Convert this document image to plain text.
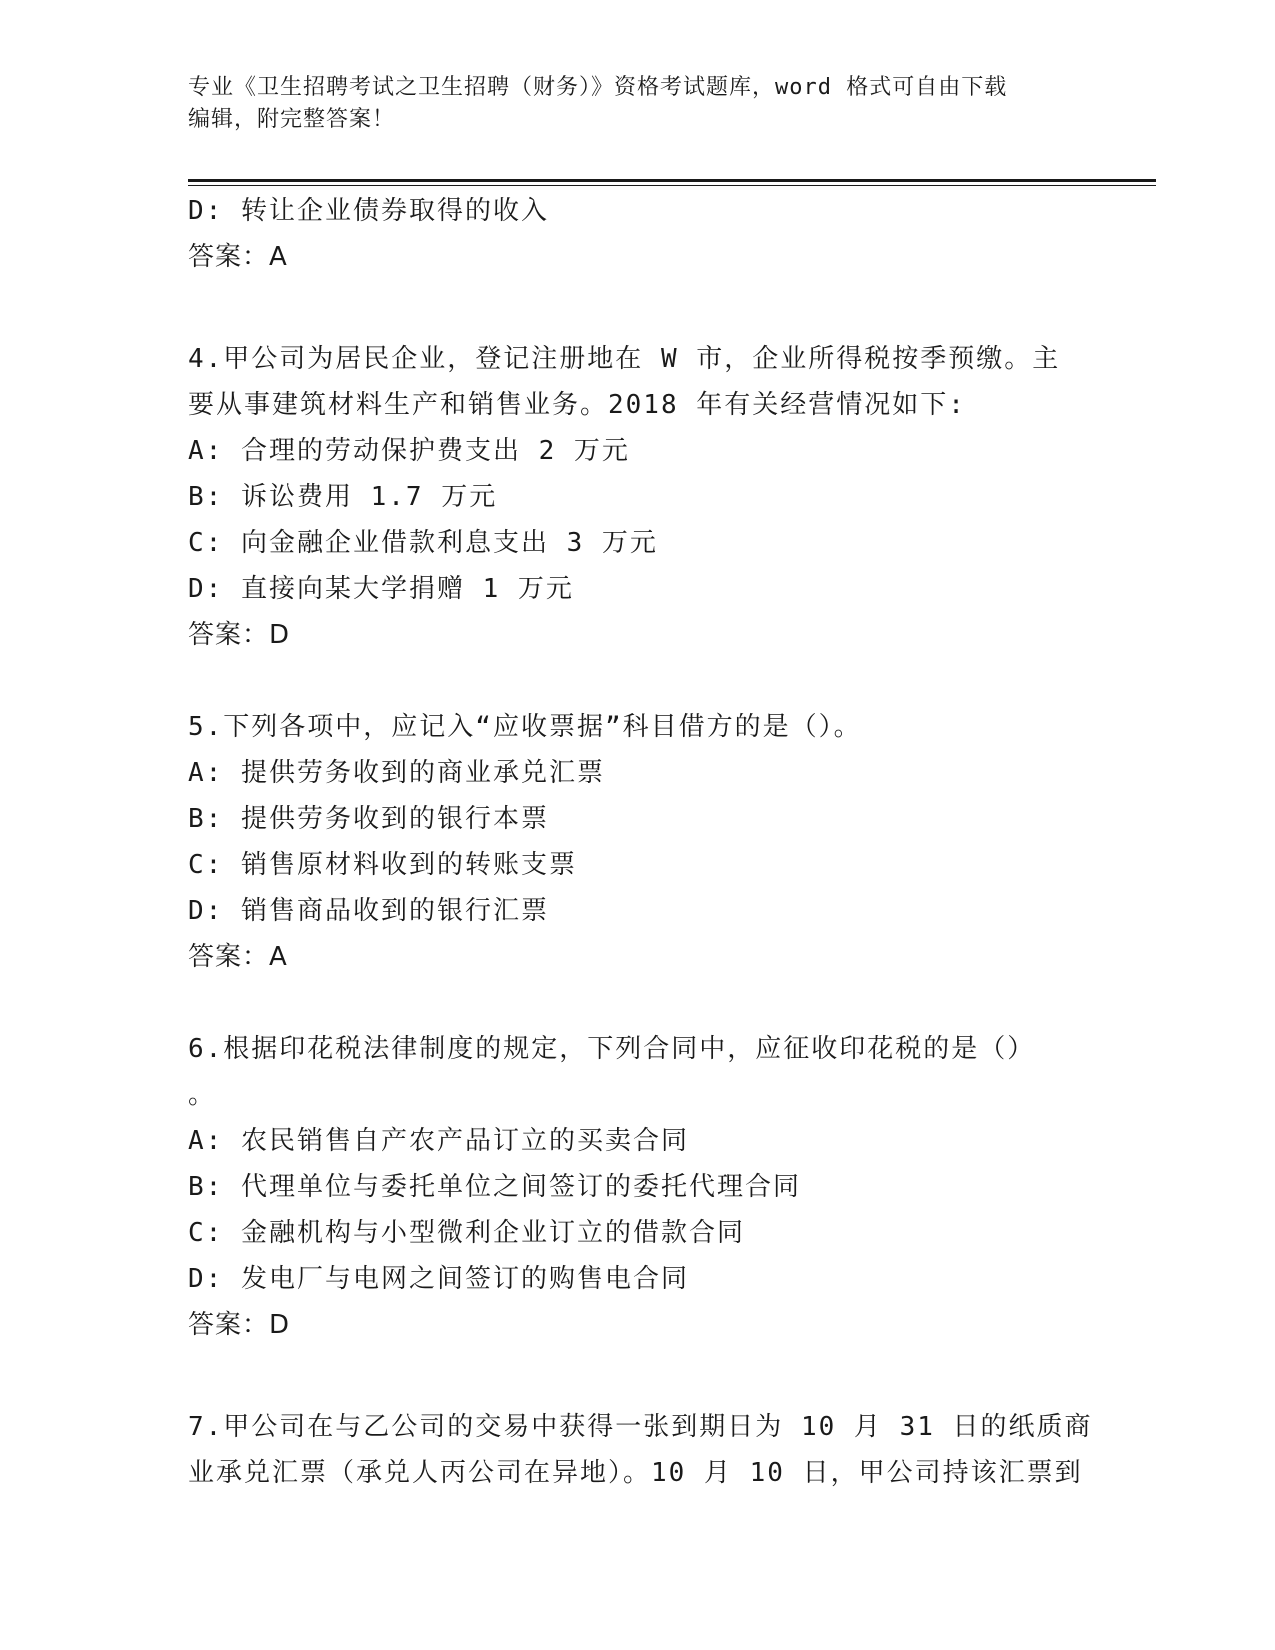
专业《卫生招聘考试之卫生招聘（财务）》资格考试题库，word 格式可自由下载
编辑，附完整答案！
D: 转让企业债券取得的收入
答案：A
4.甲公司为居民企业，登记注册地在 W 市，企业所得税按季预缴。主
要从事建筑材料生产和销售业务。2018 年有关经营情况如下:
A: 合理的劳动保护费支出 2 万元
B: 诉讼费用 1.7 万元
C: 向金融企业借款利息支出 3 万元
D: 直接向某大学捐赠 1 万元
答案：D
5.下列各项中，应记入“应收票据”科目借方的是（）。
A: 提供劳务收到的商业承兑汇票
B: 提供劳务收到的银行本票
C: 销售原材料收到的转账支票
D: 销售商品收到的银行汇票
答案：A
6.根据印花税法律制度的规定，下列合同中，应征收印花税的是（）
。
A: 农民销售自产农产品订立的买卖合同
B: 代理单位与委托单位之间签订的委托代理合同
C: 金融机构与小型微利企业订立的借款合同
D: 发电厂与电网之间签订的购售电合同
答案：D
7.甲公司在与乙公司的交易中获得一张到期日为 10 月 31 日的纸质商
业承兑汇票（承兑人丙公司在异地）。10 月 10 日，甲公司持该汇票到
